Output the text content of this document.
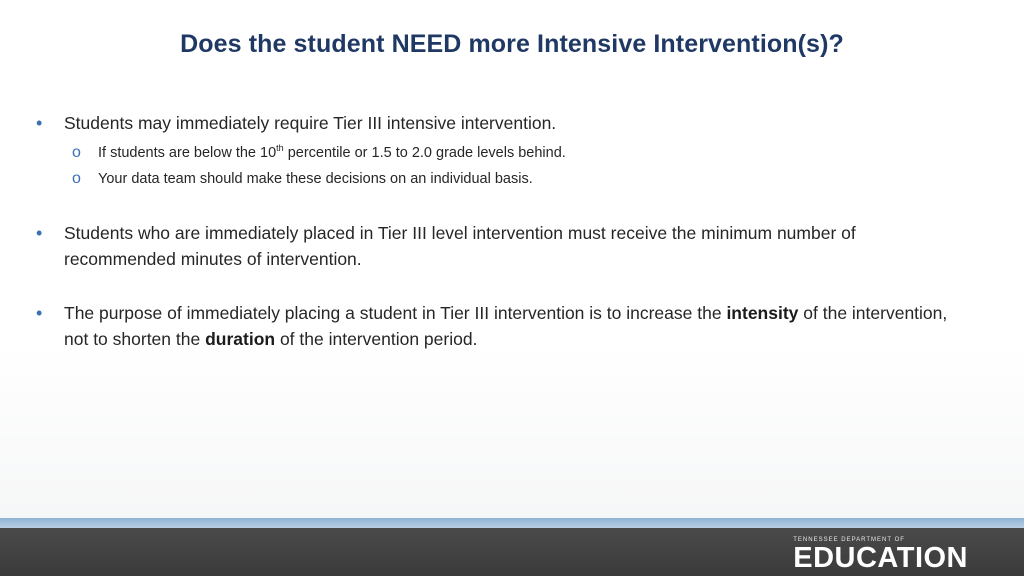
Does the student NEED more Intensive Intervention(s)?
• Students may immediately require Tier III intensive intervention.
o If students are below the 10th percentile or 1.5 to 2.0 grade levels behind.
o Your data team should make these decisions on an individual basis.
• Students who are immediately placed in Tier III level intervention must receive the minimum number of recommended minutes of intervention.
• The purpose of immediately placing a student in Tier III intervention is to increase the intensity of the intervention, not to shorten the duration of the intervention period.
TENNESSEE DEPARTMENT OF
EDUCATION
